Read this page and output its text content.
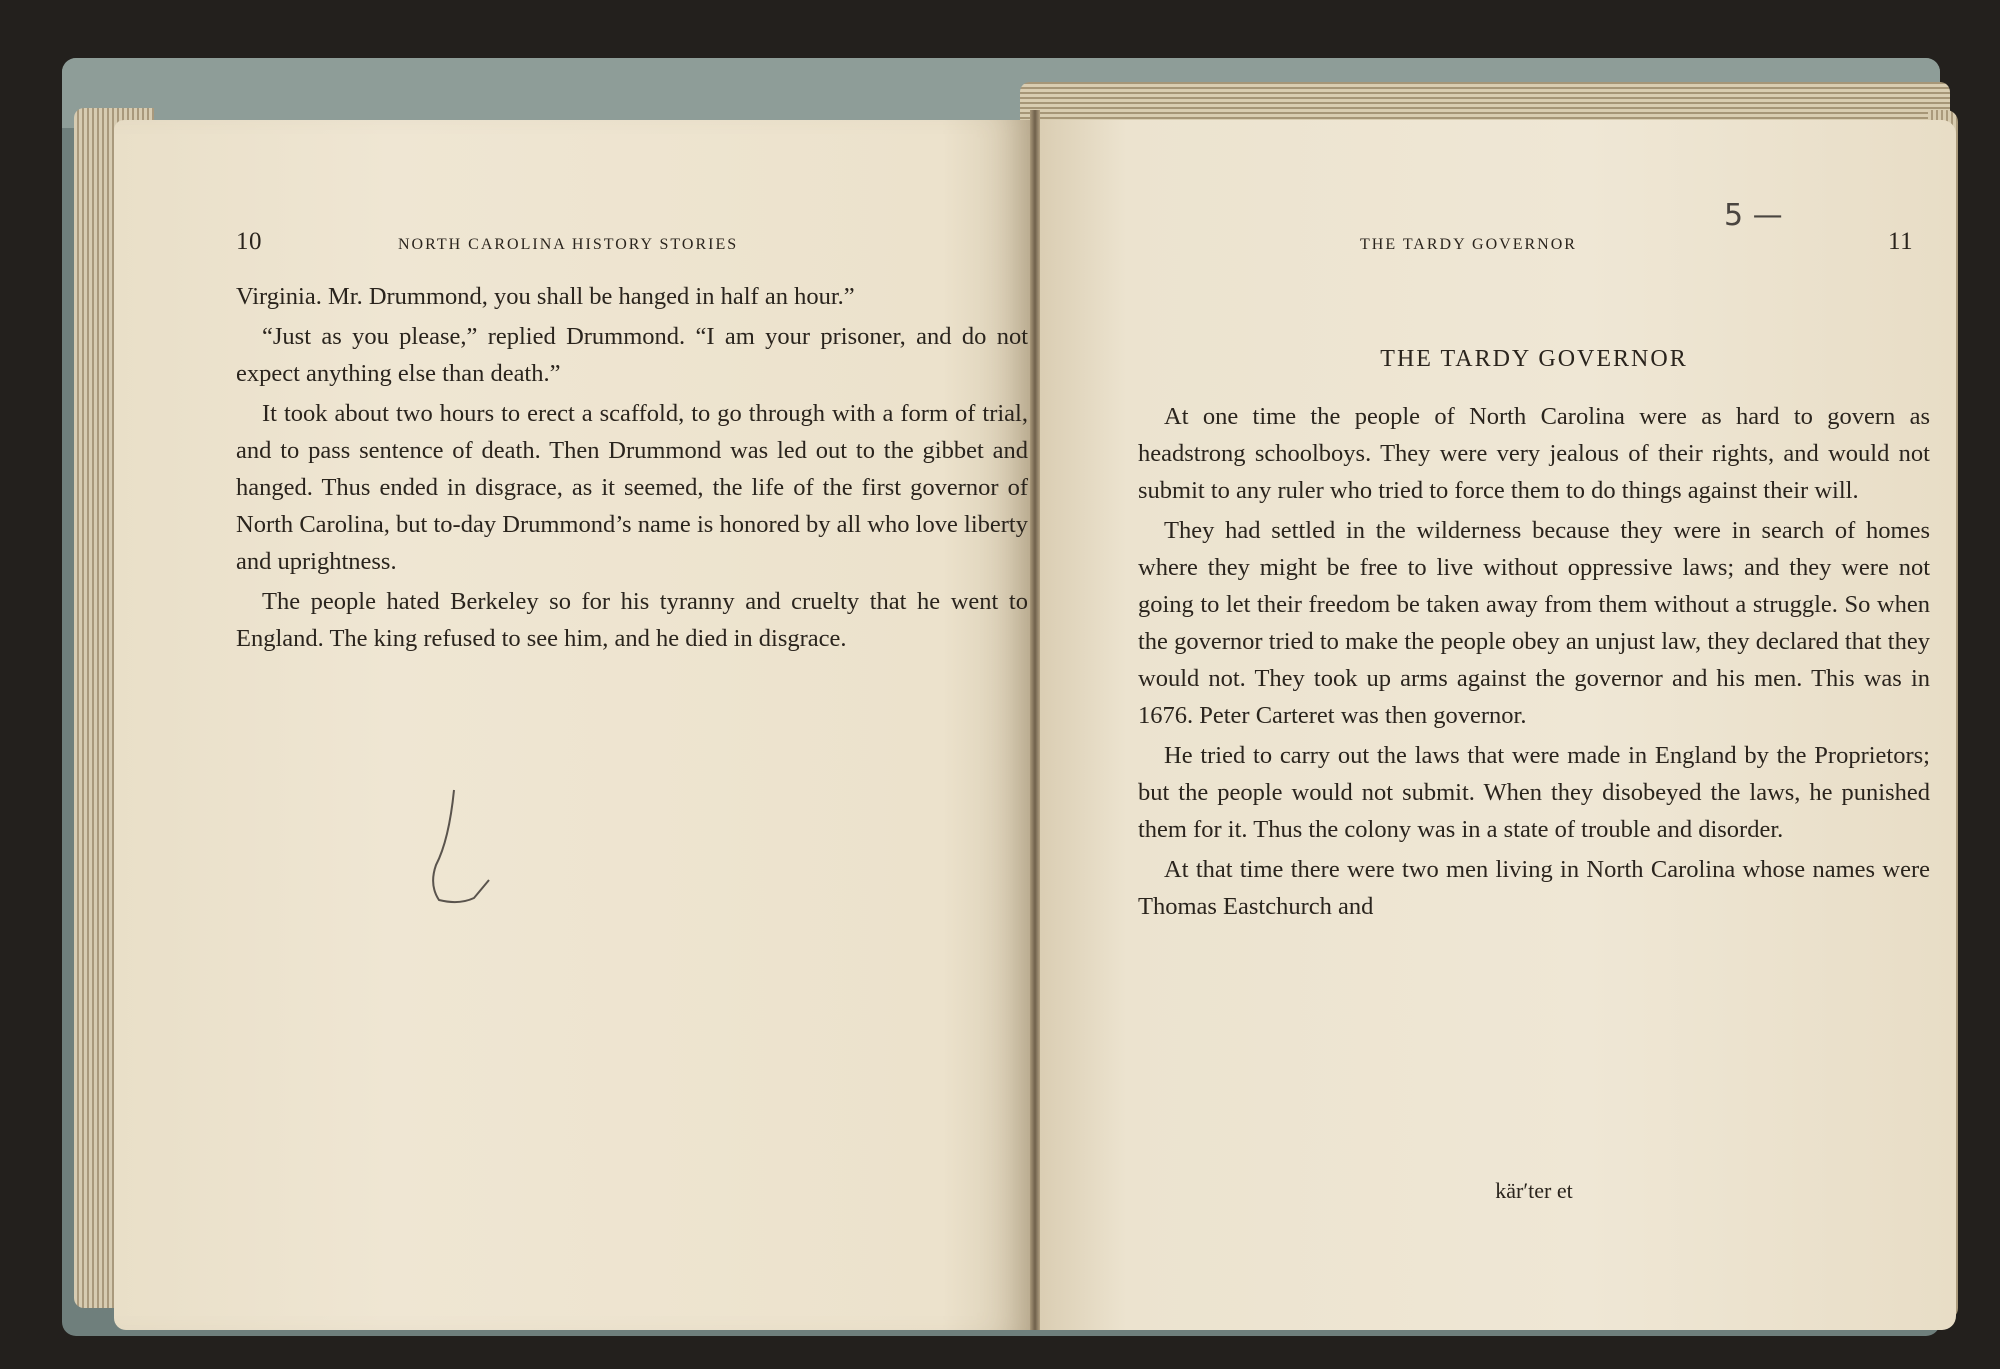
10	NORTH CAROLINA HISTORY STORIES

Virginia. Mr. Drummond, you shall be hanged in half an hour.”

“Just as you please,” replied Drummond. “I am your prisoner, and do not expect anything else than death.”

It took about two hours to erect a scaffold, to go through with a form of trial, and to pass sentence of death. Then Drummond was led out to the gibbet and hanged. Thus ended in disgrace, as it seemed, the life of the first governor of North Carolina, but to-day Drummond’s name is honored by all who love liberty and uprightness.

The people hated Berkeley so for his tyranny and cruelty that he went to England. The king refused to see him, and he died in disgrace.

THE TARDY GOVERNOR	11
5 —
THE TARDY GOVERNOR

At one time the people of North Carolina were as hard to govern as headstrong schoolboys. They were very jealous of their rights, and would not submit to any ruler who tried to force them to do things against their will.

They had settled in the wilderness because they were in search of homes where they might be free to live without oppressive laws; and they were not going to let their freedom be taken away from them without a struggle. So when the governor tried to make the people obey an unjust law, they declared that they would not. They took up arms against the governor and his men. This was in 1676. Peter Carteret was then governor.

He tried to carry out the laws that were made in England by the Proprietors; but the people would not submit. When they disobeyed the laws, he punished them for it. Thus the colony was in a state of trouble and disorder.

At that time there were two men living in North Carolina whose names were Thomas Eastchurch and

kär′ter et
